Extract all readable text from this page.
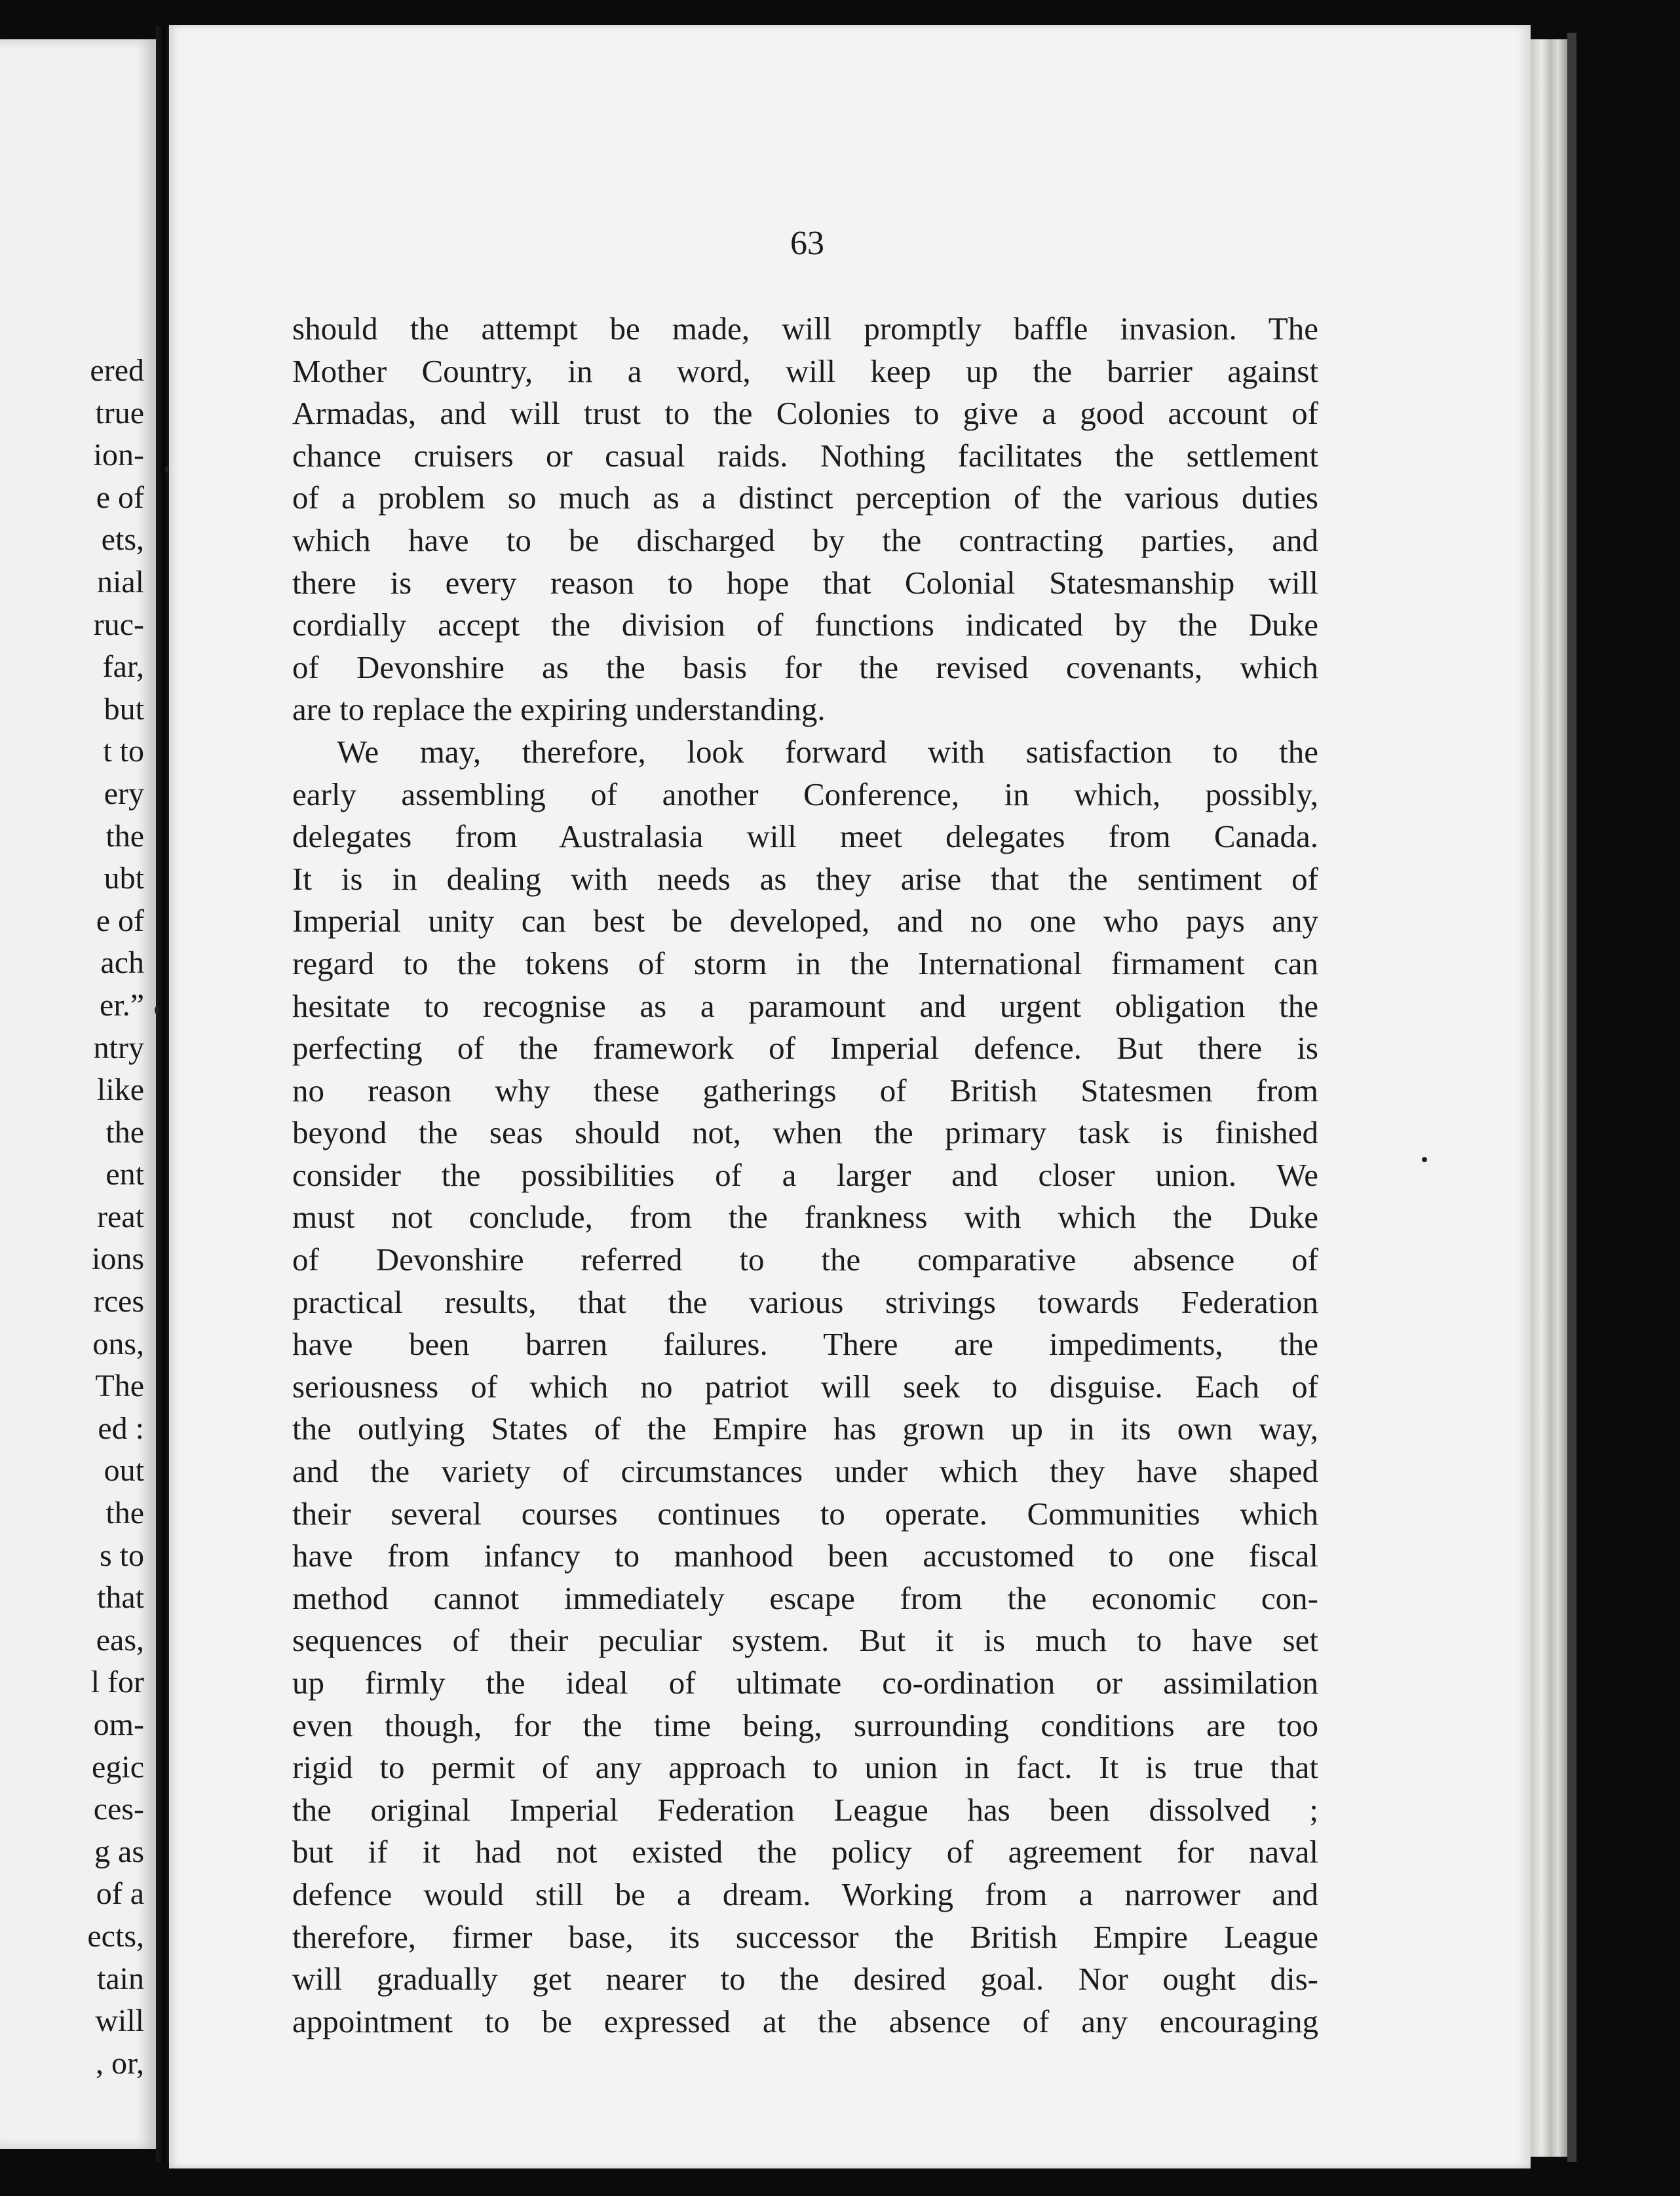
ered
true
ion-
e of
ets,
nial
ruc-
far,
but
t to
ery
the
ubt
e of
ach
er.”
ntry
like
the
ent
reat
ions
rces
ons,
The
ed :
out
the
s to
that
eas,
l for
om-
egic
ces-
g as
of a
ects,
tain
will
, or,
63
should the attempt be made, will promptly baffle invasion. The
Mother Country, in a word, will keep up the barrier against
Armadas, and will trust to the Colonies to give a good account of
chance cruisers or casual raids. Nothing facilitates the settlement
of a problem so much as a distinct perception of the various duties
which have to be discharged by the contracting parties, and
there is every reason to hope that Colonial Statesmanship will
cordially accept the division of functions indicated by the Duke
of Devonshire as the basis for the revised covenants, which
are to replace the expiring understanding.
We may, therefore, look forward with satisfaction to the
early assembling of another Conference, in which, possibly,
delegates from Australasia will meet delegates from Canada.
It is in dealing with needs as they arise that the sentiment of
Imperial unity can best be developed, and no one who pays any
regard to the tokens of storm in the International firmament can
hesitate to recognise as a paramount and urgent obligation the
perfecting of the framework of Imperial defence. But there is
no reason why these gatherings of British Statesmen from
beyond the seas should not, when the primary task is finished
consider the possibilities of a larger and closer union. We
must not conclude, from the frankness with which the Duke
of Devonshire referred to the comparative absence of
practical results, that the various strivings towards Federation
have been barren failures. There are impediments, the
seriousness of which no patriot will seek to disguise. Each of
the outlying States of the Empire has grown up in its own way,
and the variety of circumstances under which they have shaped
their several courses continues to operate. Communities which
have from infancy to manhood been accustomed to one fiscal
method cannot immediately escape from the economic con-
sequences of their peculiar system. But it is much to have set
up firmly the ideal of ultimate co-ordination or assimilation
even though, for the time being, surrounding conditions are too
rigid to permit of any approach to union in fact. It is true that
the original Imperial Federation League has been dissolved ;
but if it had not existed the policy of agreement for naval
defence would still be a dream. Working from a narrower and
therefore, firmer base, its successor the British Empire League
will gradually get nearer to the desired goal. Nor ought dis-
appointment to be expressed at the absence of any encouraging
